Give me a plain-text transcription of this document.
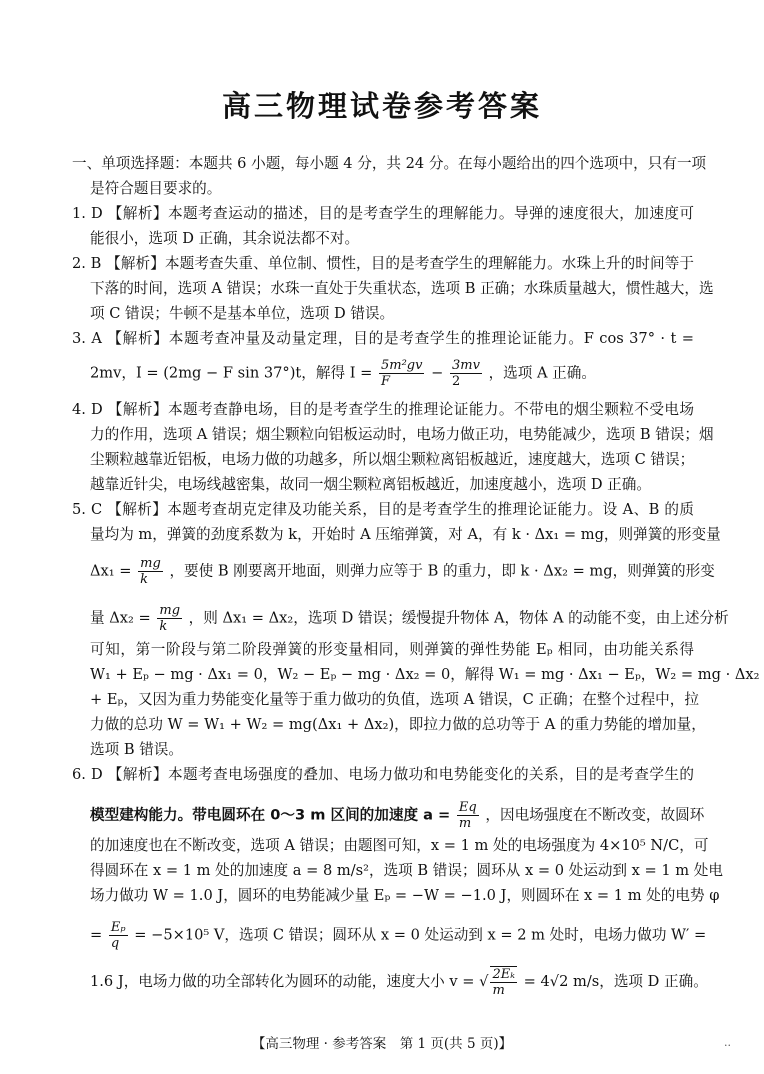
高三物理试卷参考答案
一、单项选择题：本题共 6 小题，每小题 4 分，共 24 分。在每小题给出的四个选项中，只有一项
是符合题目要求的。
1. D 【解析】本题考查运动的描述，目的是考查学生的理解能力。导弹的速度很大，加速度可
能很小，选项 D 正确，其余说法都不对。
2. B 【解析】本题考查失重、单位制、惯性，目的是考查学生的理解能力。水珠上升的时间等于
下落的时间，选项 A 错误；水珠一直处于失重状态，选项 B 正确；水珠质量越大，惯性越大，选
项 C 错误；牛顿不是基本单位，选项 D 错误。
3. A 【解析】本题考查冲量及动量定理，目的是考查学生的推理论证能力。F cos 37° · t =
2mv，I = (2mg − F sin 37°)t，解得 $I = \frac{\text{5m²gv}}{F} - \frac{3mv}{2}$ ，选项 A 正确。
4. D 【解析】本题考查静电场，目的是考查学生的推理论证能力。不带电的烟尘颗粒不受电场
力的作用，选项 A 错误；烟尘颗粒向铝板运动时，电场力做正功，电势能减少，选项 B 错误；烟
尘颗粒越靠近铝板，电场力做的功越多，所以烟尘颗粒离铝板越近，速度越大，选项 C 错误；
越靠近针尖，电场线越密集，故同一烟尘颗粒离铝板越近，加速度越小，选项 D 正确。
5. C 【解析】本题考查胡克定律及功能关系，目的是考查学生的推理论证能力。设 A、B 的质
量均为 m，弹簧的劲度系数为 k，开始时 A 压缩弹簧，对 A，有 k · Δx₁ = mg，则弹簧的形变量
$\Delta x_1 = \frac{mg}{k}$ ，要使 B 刚要离开地面，则弹力应等于 B 的重力，即 k · Δx₂ = mg，则弹簧的形变
量 $\Delta x_2 = \frac{mg}{k}$ ，则 Δx₁ = Δx₂，选项 D 错误；缓慢提升物体 A，物体 A 的动能不变，由上述分析
可知，第一阶段与第二阶段弹簧的形变量相同，则弹簧的弹性势能 Eₚ 相同，由功能关系得
W₁ + Eₚ − mg · Δx₁ = 0，W₂ − Eₚ − mg · Δx₂ = 0，解得 W₁ = mg · Δx₁ − Eₚ，W₂ = mg · Δx₂
+ Eₚ，又因为重力势能变化量等于重力做功的负值，选项 A 错误，C 正确；在整个过程中，拉
力做的总功 W = W₁ + W₂ = mg(Δx₁ + Δx₂)，即拉力做的总功等于 A 的重力势能的增加量，
选项 B 错误。
6. D 【解析】本题考查电场强度的叠加、电场力做功和电势能变化的关系，目的是考查学生的
模型建构能力。带电圆环在 0～3 m 区间的加速度 $a = \frac{Eq}{m}$ ，因电场强度在不断改变，故圆环
的加速度也在不断改变，选项 A 错误；由题图可知，x = 1 m 处的电场强度为 4×10⁵ N/C，可
得圆环在 x = 1 m 处的加速度 a = 8 m/s²，选项 B 错误；圆环从 x = 0 处运动到 x = 1 m 处电
场力做功 W = 1.0 J，圆环的电势能减少量 Eₚ = −W = −1.0 J，则圆环在 x = 1 m 处的电势 φ
= $\frac{\text{Eₚ}}{q} = -5\times 10^5$ V，选项 C 错误；圆环从 x = 0 处运动到 x = 2 m 处时，电场力做功 W′ =
1.6 J，电场力做的功全部转化为圆环的动能，速度大小 v = √ $\frac{\text{2Eₖ}}{m} = 4√2$ m/s，选项 D 正确。
【高三物理 · 参考答案　第 1 页(共 5 页)】	..
